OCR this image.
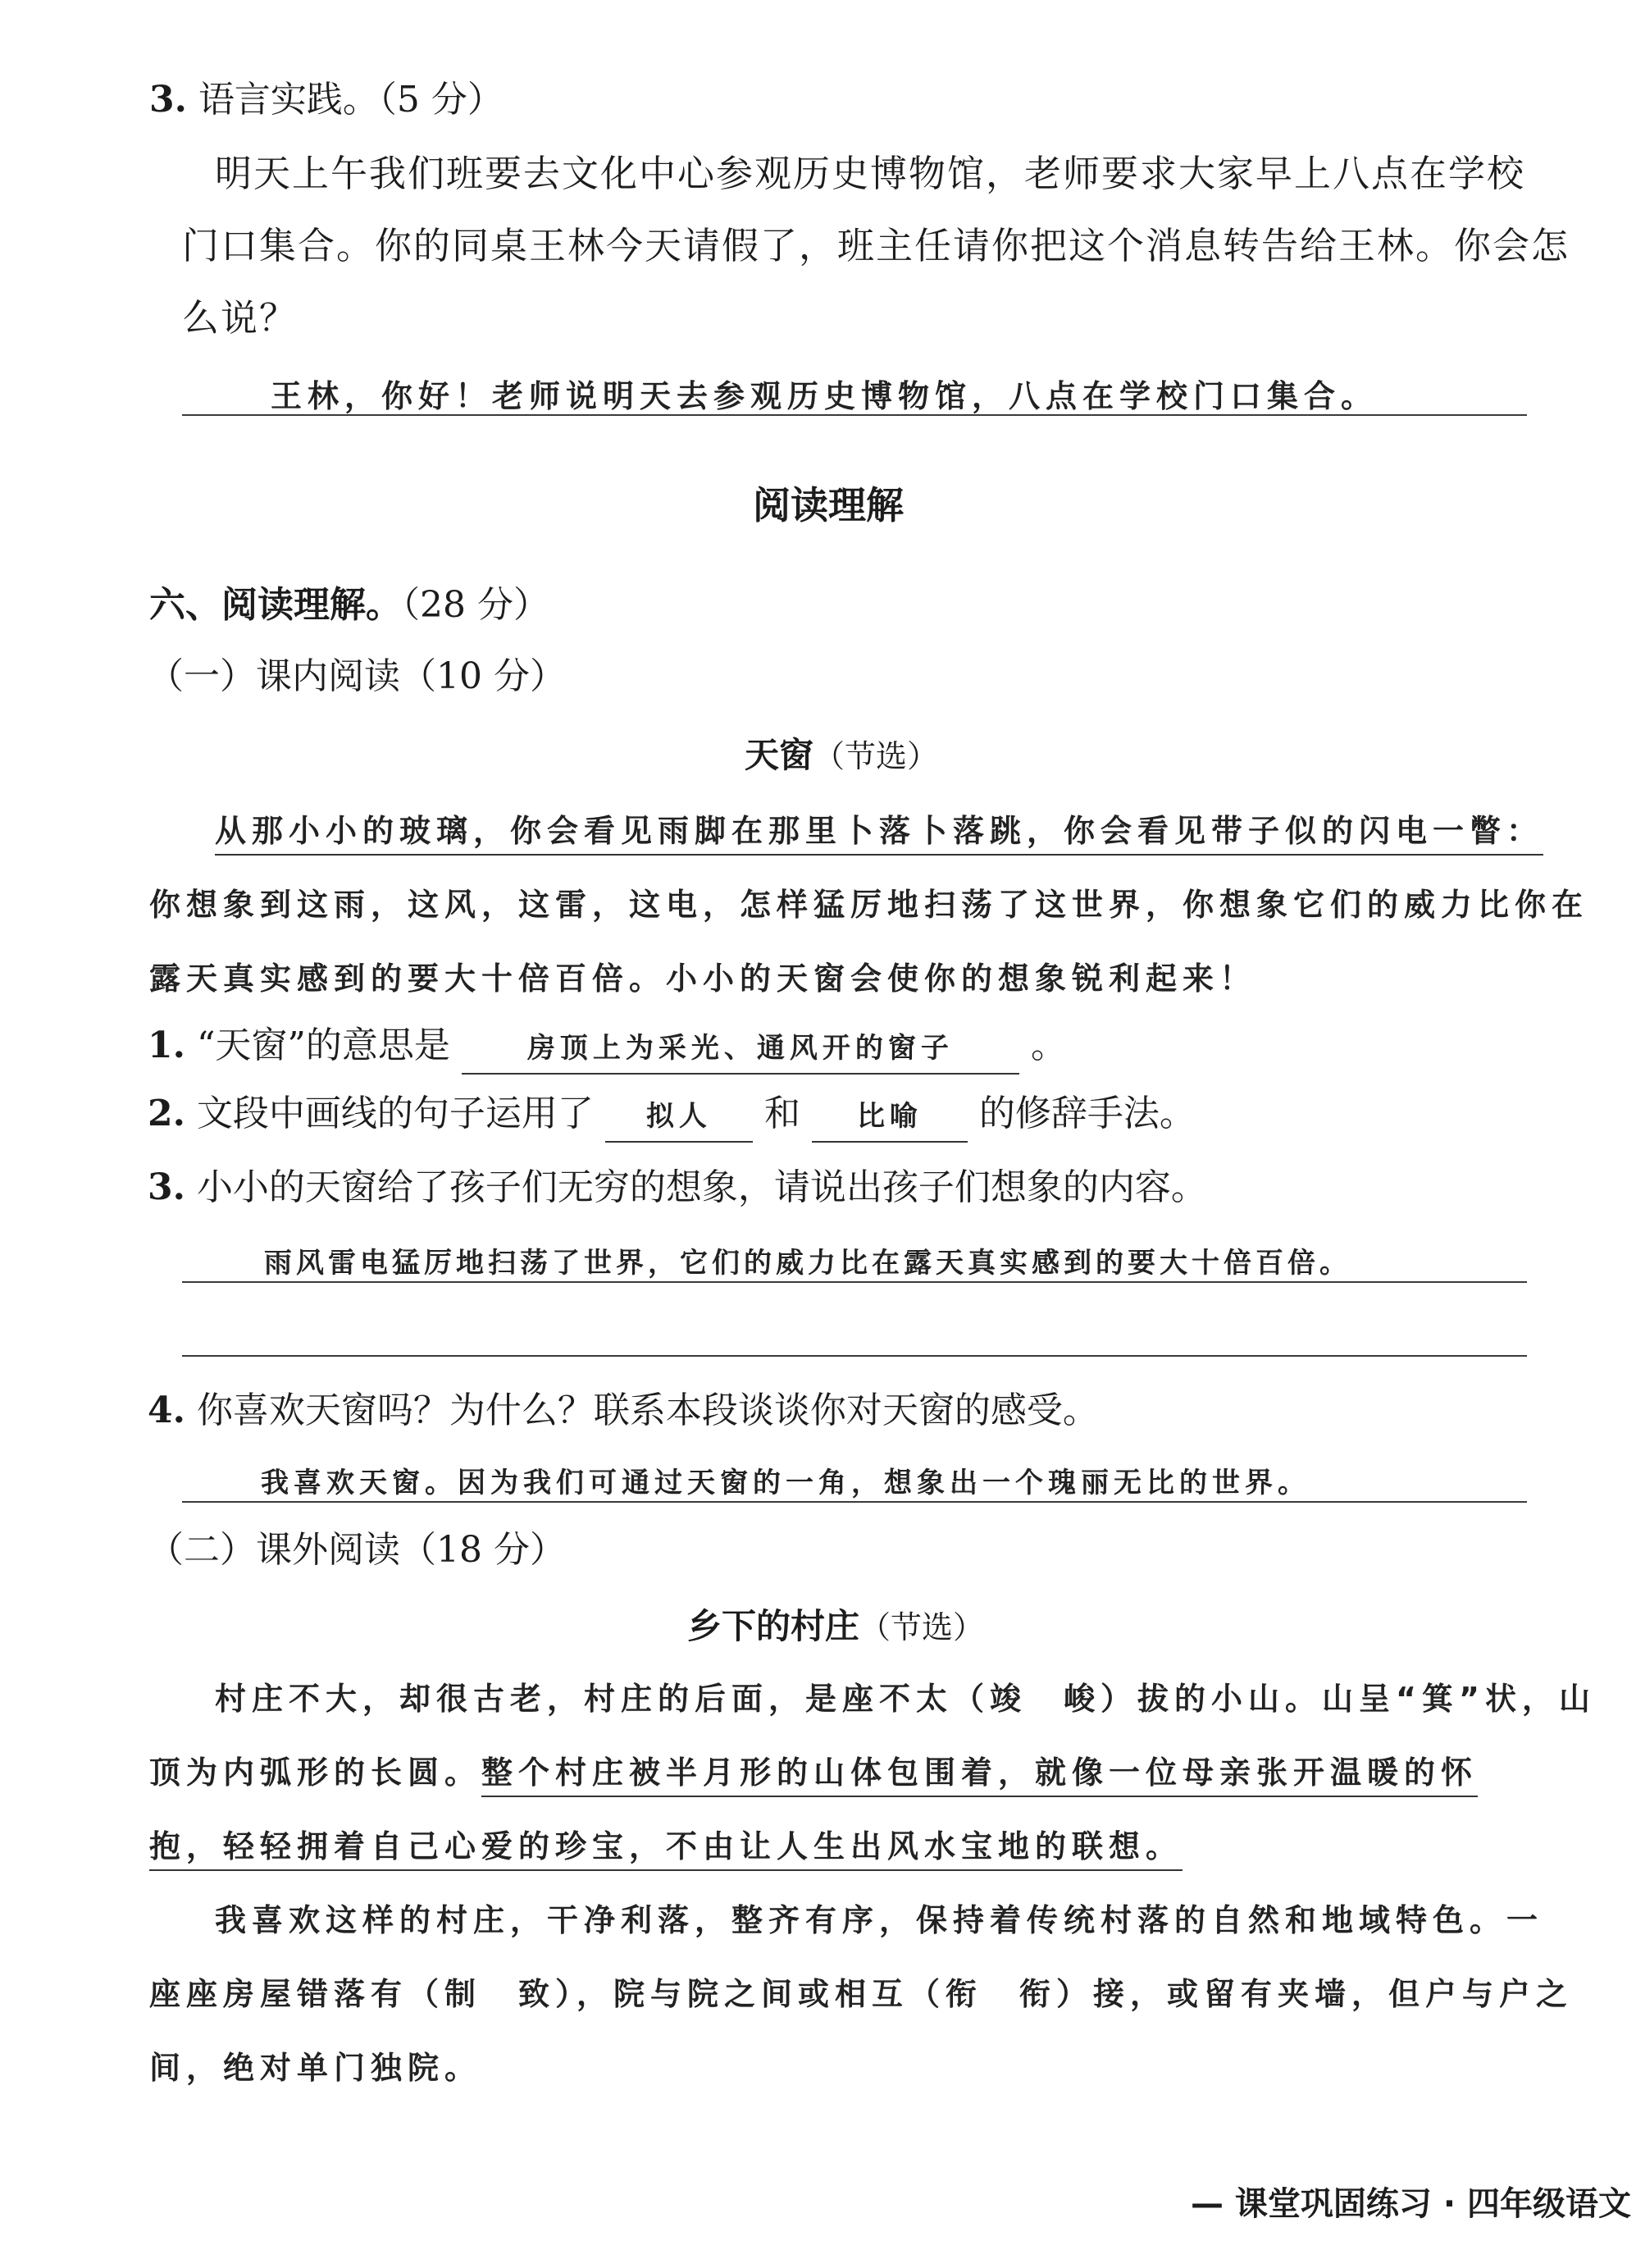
3. 语言实践。（5 分）
明天上午我们班要去文化中心参观历史博物馆，老师要求大家早上八点在学校
门口集合。你的同桌王林今天请假了，班主任请你把这个消息转告给王林。你会怎
么说？
王林，你好！老师说明天去参观历史博物馆，八点在学校门口集合。
阅读理解
六、阅读理解。（28 分）
（一）课内阅读（10 分）
天窗（节选）
从那小小的玻璃，你会看见雨脚在那里卜落卜落跳，你会看见带子似的闪电一瞥：
你想象到这雨，这风，这雷，这电，怎样猛厉地扫荡了这世界，你想象它们的威力比你在
露天真实感到的要大十倍百倍。小小的天窗会使你的想象锐利起来！
1. “天窗”的意思是	房顶上为采光、通风开的窗子 。
2. 文段中画线的句子运用了 拟人 和 比喻 的修辞手法。
3. 小小的天窗给了孩子们无穷的想象，请说出孩子们想象的内容。
雨风雷电猛厉地扫荡了世界，它们的威力比在露天真实感到的要大十倍百倍。
4. 你喜欢天窗吗？为什么？联系本段谈谈你对天窗的感受。
我喜欢天窗。因为我们可通过天窗的一角，想象出一个瑰丽无比的世界。
（二）课外阅读（18 分）
乡下的村庄（节选）
村庄不大，却很古老，村庄的后面，是座不太（竣　峻）拔的小山。山呈“箕”状，山
顶为内弧形的长圆。整个村庄被半月形的山体包围着，就像一位母亲张开温暖的怀
抱，轻轻拥着自己心爱的珍宝，不由让人生出风水宝地的联想。
我喜欢这样的村庄，干净利落，整齐有序，保持着传统村落的自然和地域特色。一
座座房屋错落有（制　致），院与院之间或相互（衔　衔）接，或留有夹墙，但户与户之
间，绝对单门独院。
— 课堂巩固练习 · 四年级语文
